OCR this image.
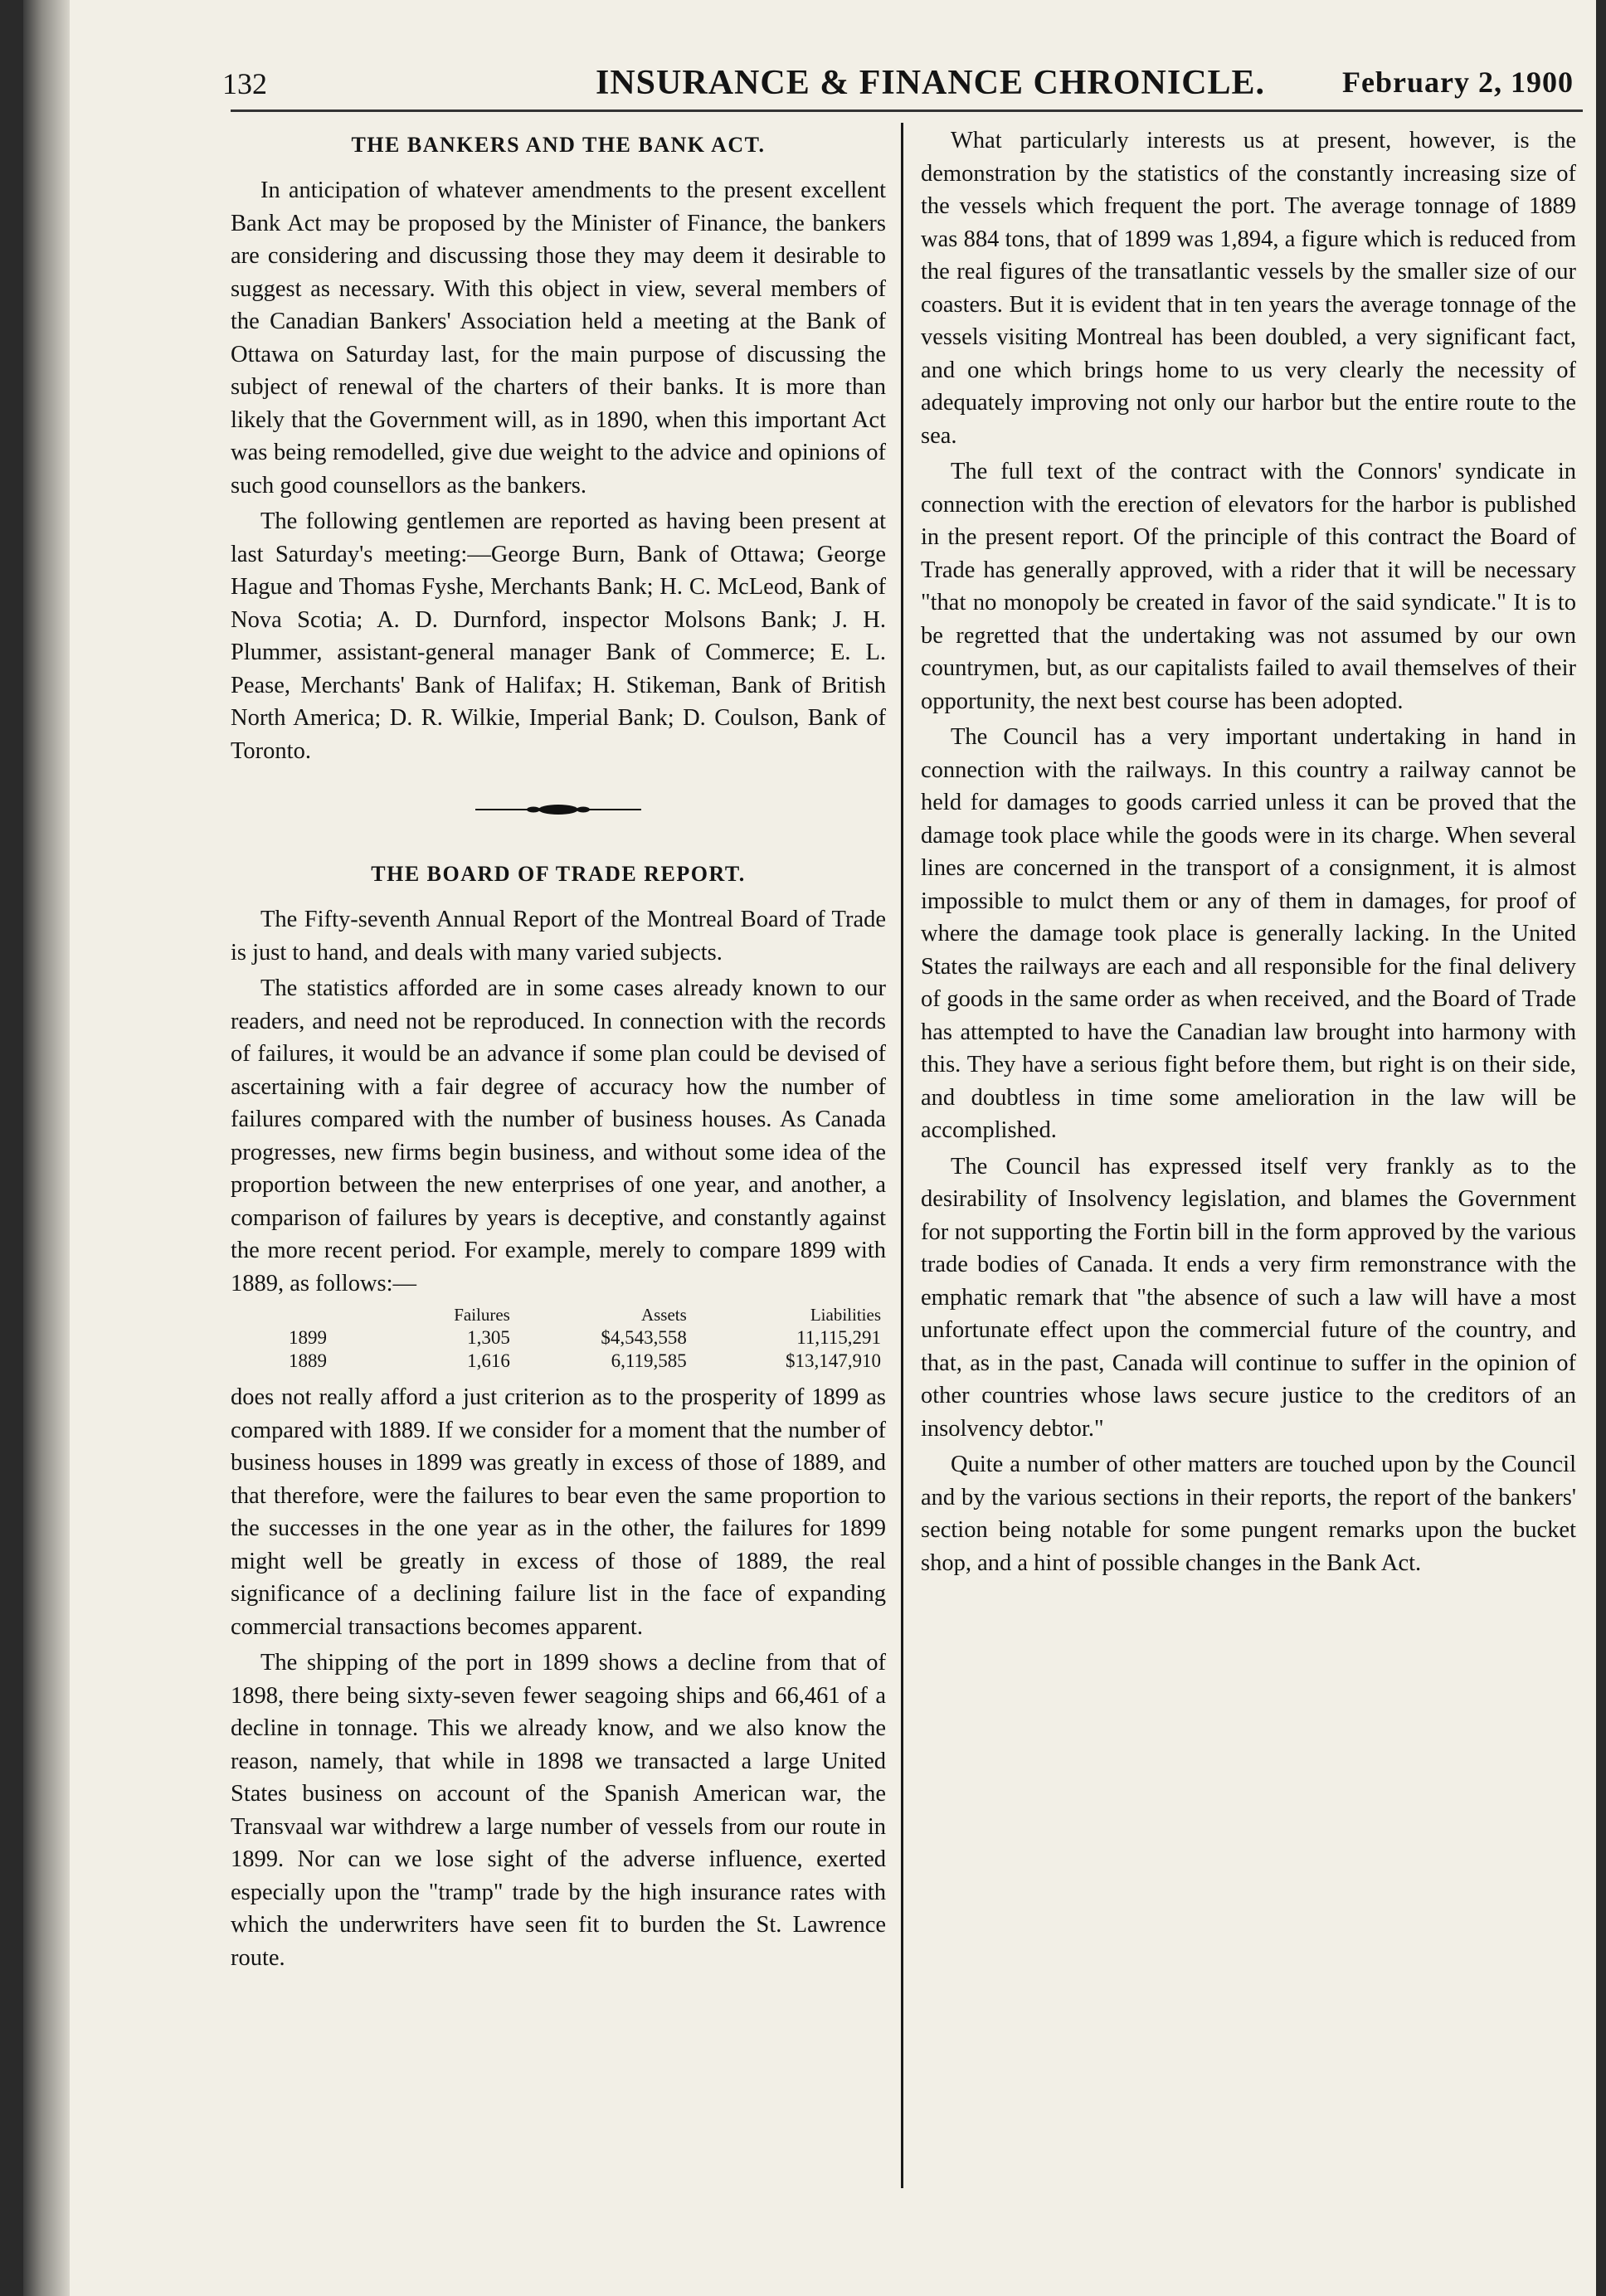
132	INSURANCE & FINANCE CHRONICLE.	February 2, 1900
THE BANKERS AND THE BANK ACT.

In anticipation of whatever amendments to the present excellent Bank Act may be proposed by the Minister of Finance, the bankers are considering and discussing those they may deem it desirable to suggest as necessary. With this object in view, several members of the Canadian Bankers' Association held a meeting at the Bank of Ottawa on Saturday last, for the main purpose of discussing the subject of renewal of the charters of their banks. It is more than likely that the Government will, as in 1890, when this important Act was being remodelled, give due weight to the advice and opinions of such good counsellors as the bankers.

The following gentlemen are reported as having been present at last Saturday's meeting:—George Burn, Bank of Ottawa; George Hague and Thomas Fyshe, Merchants Bank; H. C. McLeod, Bank of Nova Scotia; A. D. Durnford, inspector Molsons Bank; J. H. Plummer, assistant-general manager Bank of Commerce; E. L. Pease, Merchants' Bank of Halifax; H. Stikeman, Bank of British North America; D. R. Wilkie, Imperial Bank; D. Coulson, Bank of Toronto.

THE BOARD OF TRADE REPORT.

The Fifty-seventh Annual Report of the Montreal Board of Trade is just to hand, and deals with many varied subjects.

The statistics afforded are in some cases already known to our readers, and need not be reproduced. In connection with the records of failures, it would be an advance if some plan could be devised of ascertaining with a fair degree of accuracy how the number of failures compared with the number of business houses. As Canada progresses, new firms begin business, and without some idea of the proportion between the new enterprises of one year, and another, a comparison of failures by years is deceptive, and constantly against the more recent period. For example, merely to compare 1899 with 1889, as follows:—

	Failures	Assets	Liabilities
1899	1,305	$4,543,558	11,115,291
1889	1,616	6,119,585	$13,147,910

does not really afford a just criterion as to the prosperity of 1899 as compared with 1889. If we consider for a moment that the number of business houses in 1899 was greatly in excess of those of 1889, and that therefore, were the failures to bear even the same proportion to the successes in the one year as in the other, the failures for 1899 might well be greatly in excess of those of 1889, the real significance of a declining failure list in the face of expanding commercial transactions becomes apparent.

The shipping of the port in 1899 shows a decline from that of 1898, there being sixty-seven fewer seagoing ships and 66,461 of a decline in tonnage. This we already know, and we also know the reason, namely, that while in 1898 we transacted a large United States business on account of the Spanish American war, the Transvaal war withdrew a large number of vessels from our route in 1899. Nor can we lose sight of the adverse influence, exerted especially upon the "tramp" trade by the high insurance rates with which the underwriters have seen fit to burden the St. Lawrence route.

What particularly interests us at present, however, is the demonstration by the statistics of the constantly increasing size of the vessels which frequent the port. The average tonnage of 1889 was 884 tons, that of 1899 was 1,894, a figure which is reduced from the real figures of the transatlantic vessels by the smaller size of our coasters. But it is evident that in ten years the average tonnage of the vessels visiting Montreal has been doubled, a very significant fact, and one which brings home to us very clearly the necessity of adequately improving not only our harbor but the entire route to the sea.

The full text of the contract with the Connors' syndicate in connection with the erection of elevators for the harbor is published in the present report. Of the principle of this contract the Board of Trade has generally approved, with a rider that it will be necessary "that no monopoly be created in favor of the said syndicate." It is to be regretted that the undertaking was not assumed by our own countrymen, but, as our capitalists failed to avail themselves of their opportunity, the next best course has been adopted.

The Council has a very important undertaking in hand in connection with the railways. In this country a railway cannot be held for damages to goods carried unless it can be proved that the damage took place while the goods were in its charge. When several lines are concerned in the transport of a consignment, it is almost impossible to mulct them or any of them in damages, for proof of where the damage took place is generally lacking. In the United States the railways are each and all responsible for the final delivery of goods in the same order as when received, and the Board of Trade has attempted to have the Canadian law brought into harmony with this. They have a serious fight before them, but right is on their side, and doubtless in time some amelioration in the law will be accomplished.

The Council has expressed itself very frankly as to the desirability of Insolvency legislation, and blames the Government for not supporting the Fortin bill in the form approved by the various trade bodies of Canada. It ends a very firm remonstrance with the emphatic remark that "the absence of such a law will have a most unfortunate effect upon the commercial future of the country, and that, as in the past, Canada will continue to suffer in the opinion of other countries whose laws secure justice to the creditors of an insolvency debtor."

Quite a number of other matters are touched upon by the Council and by the various sections in their reports, the report of the bankers' section being notable for some pungent remarks upon the bucket shop, and a hint of possible changes in the Bank Act.
